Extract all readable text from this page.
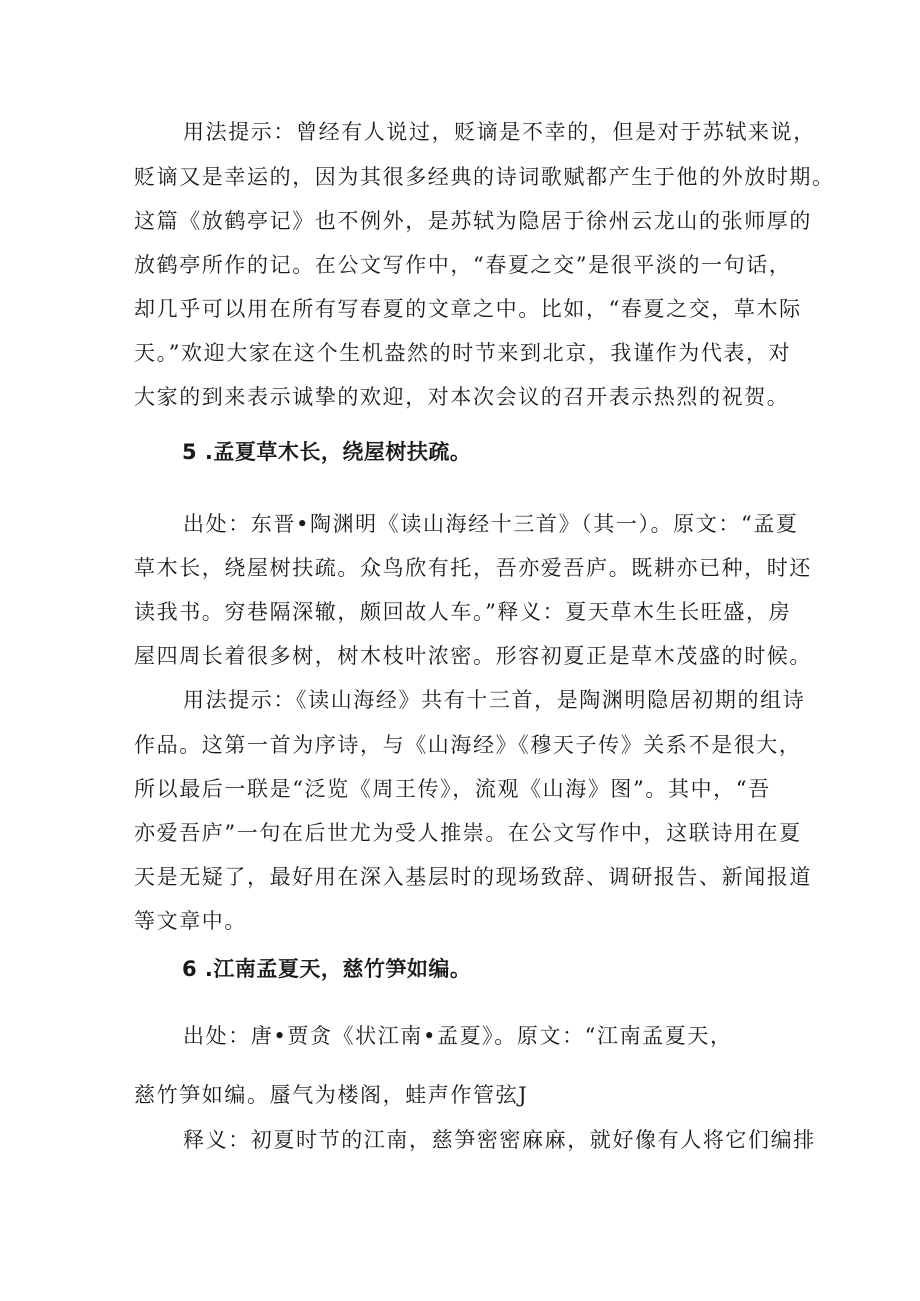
用法提示：曾经有人说过，贬谪是不幸的，但是对于苏轼来说，
贬谪又是幸运的，因为其很多经典的诗词歌赋都产生于他的外放时期。
这篇《放鹤亭记》也不例外，是苏轼为隐居于徐州云龙山的张师厚的
放鹤亭所作的记。在公文写作中，“春夏之交”是很平淡的一句话，
却几乎可以用在所有写春夏的文章之中。比如，“春夏之交，草木际
天。”欢迎大家在这个生机盎然的时节来到北京，我谨作为代表，对
大家的到来表示诚挚的欢迎，对本次会议的召开表示热烈的祝贺。
5 .孟夏草木长，绕屋树扶疏。
出处：东晋•陶渊明《读山海经十三首》（其一）。原文：“孟夏
草木长，绕屋树扶疏。众鸟欣有托，吾亦爱吾庐。既耕亦已种，时还
读我书。穷巷隔深辙，颇回故人车。”释义：夏天草木生长旺盛，房
屋四周长着很多树，树木枝叶浓密。形容初夏正是草木茂盛的时候。
用法提示：《读山海经》共有十三首，是陶渊明隐居初期的组诗
作品。这第一首为序诗，与《山海经》《穆天子传》关系不是很大，
所以最后一联是“泛览《周王传》，流观《山海》图”。其中，“吾
亦爱吾庐”一句在后世尤为受人推崇。在公文写作中，这联诗用在夏
天是无疑了，最好用在深入基层时的现场致辞、调研报告、新闻报道
等文章中。
6 .江南孟夏天，慈竹笋如编。
出处：唐•贾贪《状江南•孟夏》。原文：“江南孟夏天，
慈竹笋如编。蜃气为楼阁，蛙声作管弦J
释义：初夏时节的江南，慈笋密密麻麻，就好像有人将它们编排
